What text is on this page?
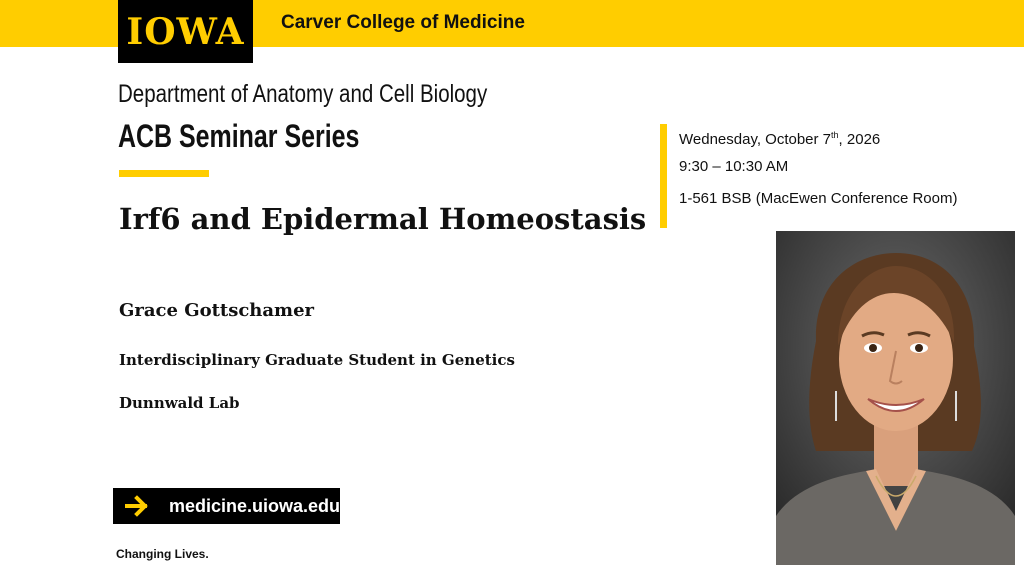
IOWA Carver College of Medicine
Department of Anatomy and Cell Biology
ACB Seminar Series
Irf6 and Epidermal Homeostasis
Grace Gottschamer
Interdisciplinary Graduate Student in Genetics
Dunnwald Lab
Wednesday, October 7th, 2026
9:30 – 10:30 AM
1-561 BSB (MacEwen Conference Room)
medicine.uiowa.edu
Changing Lives.
